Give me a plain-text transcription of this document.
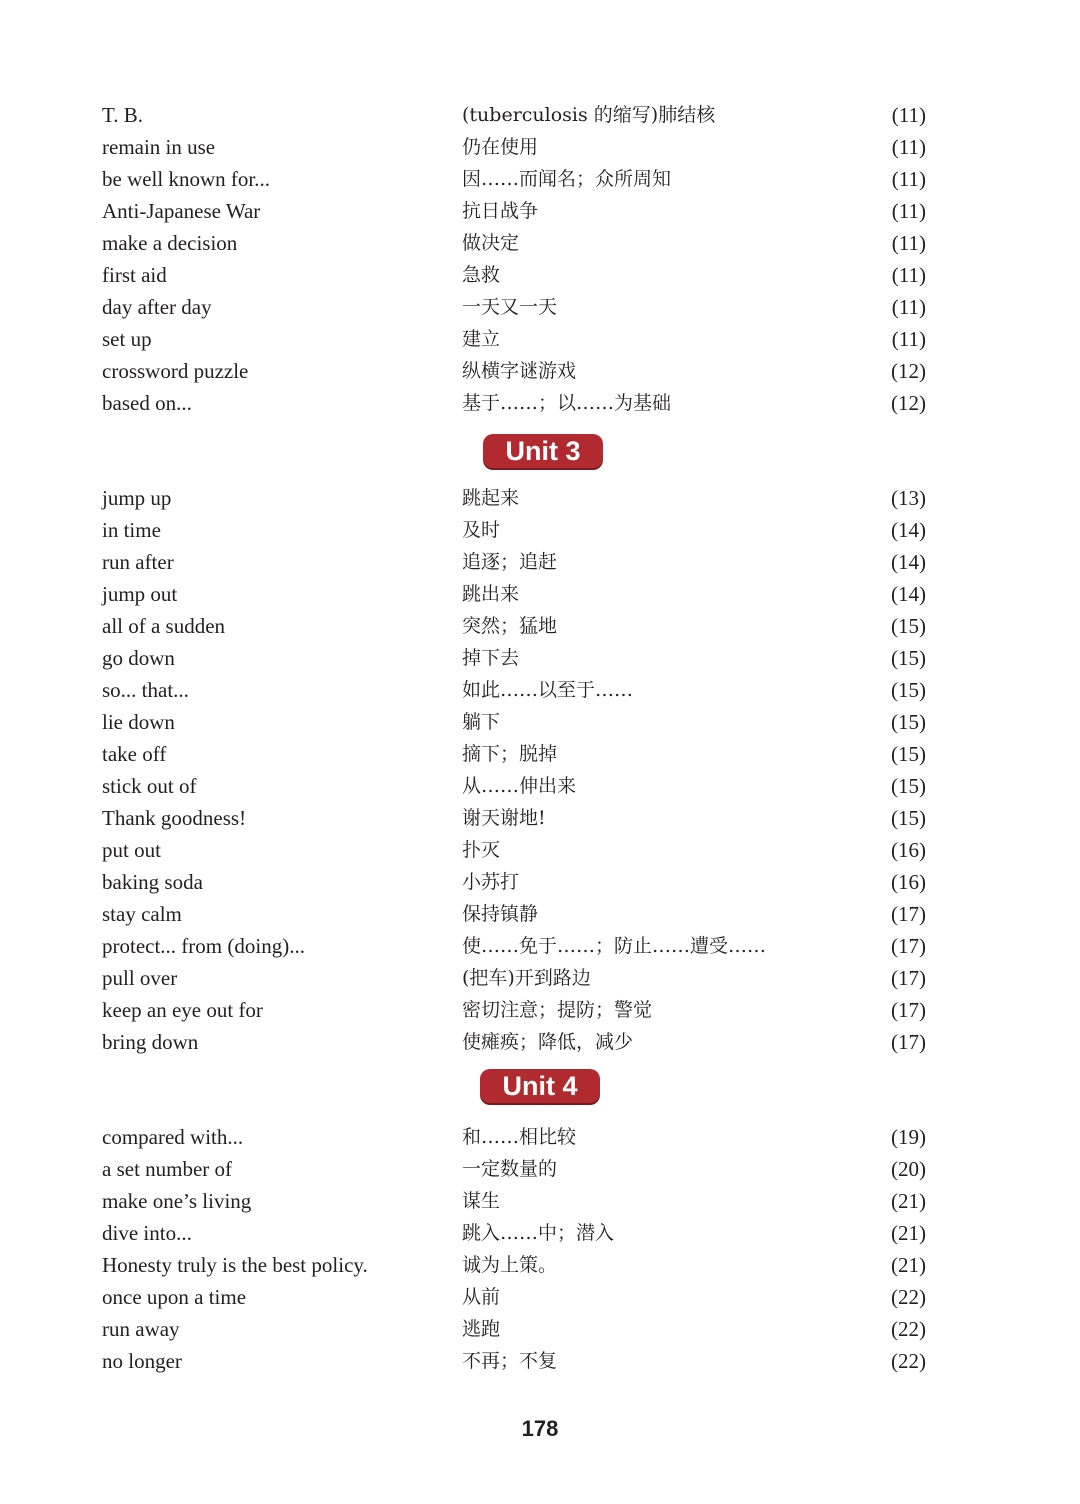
T. B.	(tuberculosis 的缩写)肺结核	(11)
remain in use	仍在使用	(11)
be well known for...	因……而闻名；众所周知	(11)
Anti-Japanese War	抗日战争	(11)
make a decision	做决定	(11)
first aid	急救	(11)
day after day	一天又一天	(11)
set up	建立	(11)
crossword puzzle	纵横字谜游戏	(12)
based on...	基于……；以……为基础	(12)
Unit 3
jump up	跳起来	(13)
in time	及时	(14)
run after	追逐；追赶	(14)
jump out	跳出来	(14)
all of a sudden	突然；猛地	(15)
go down	掉下去	(15)
so... that...	如此……以至于……	(15)
lie down	躺下	(15)
take off	摘下；脱掉	(15)
stick out of	从……伸出来	(15)
Thank goodness!	谢天谢地!	(15)
put out	扑灭	(16)
baking soda	小苏打	(16)
stay calm	保持镇静	(17)
protect... from (doing)...	使……免于……；防止……遭受……	(17)
pull over	(把车)开到路边	(17)
keep an eye out for	密切注意；提防；警觉	(17)
bring down	使瘫痪；降低，减少	(17)
Unit 4
compared with...	和……相比较	(19)
a set number of	一定数量的	(20)
make one’s living	谋生	(21)
dive into...	跳入……中；潜入	(21)
Honesty truly is the best policy.	诚为上策。	(21)
once upon a time	从前	(22)
run away	逃跑	(22)
no longer	不再；不复	(22)
178
